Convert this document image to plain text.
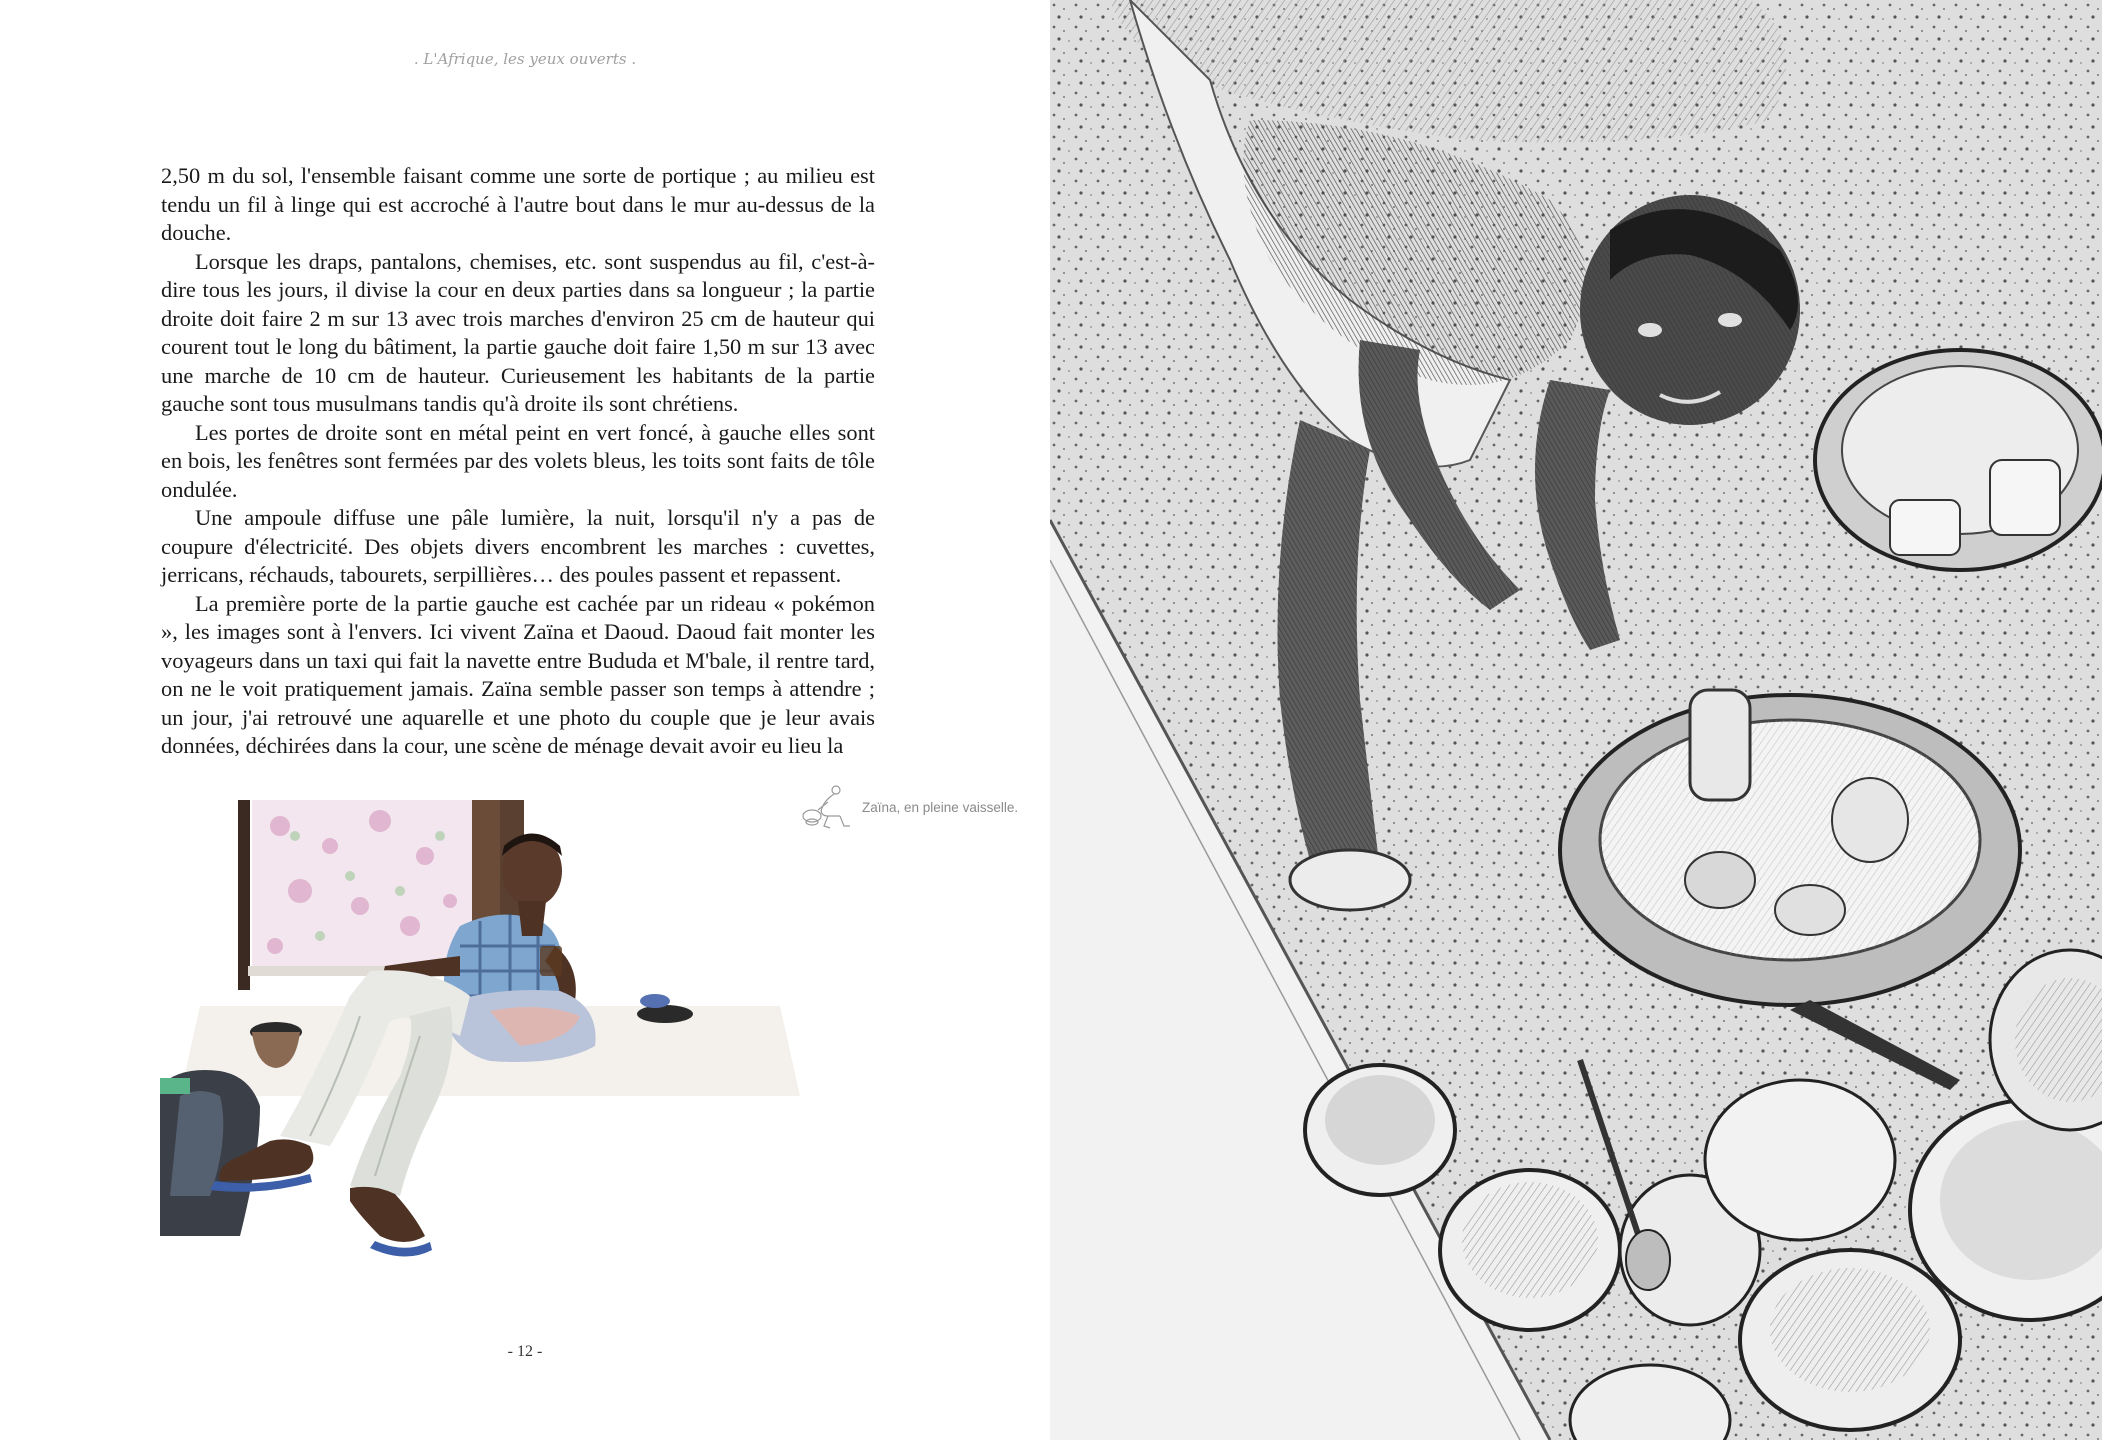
. L'Afrique, les yeux ouverts .

2,50 m du sol, l'ensemble faisant comme une sorte de portique ; au milieu est tendu un fil à linge qui est accroché à l'autre bout dans le mur au-dessus de la douche.

Lorsque les draps, pantalons, chemises, etc. sont suspendus au fil, c'est-à-dire tous les jours, il divise la cour en deux parties dans sa longueur ; la partie droite doit faire 2 m sur 13 avec trois marches d'environ 25 cm de hauteur qui courent tout le long du bâtiment, la partie gauche doit faire 1,50 m sur 13 avec une marche de 10 cm de hauteur. Curieusement les habitants de la partie gauche sont tous musulmans tandis qu'à droite ils sont chrétiens.

Les portes de droite sont en métal peint en vert foncé, à gauche elles sont en bois, les fenêtres sont fermées par des volets bleus, les toits sont faits de tôle ondulée.

Une ampoule diffuse une pâle lumière, la nuit, lorsqu'il n'y a pas de coupure d'électricité. Des objets divers encombrent les marches : cuvettes, jerricans, réchauds, tabourets, serpillières… des poules passent et repassent.

La première porte de la partie gauche est cachée par un rideau « pokémon », les images sont à l'envers. Ici vivent Zaïna et Daoud. Daoud fait monter les voyageurs dans un taxi qui fait la navette entre Bududa et M'bale, il rentre tard, on ne le voit pratiquement jamais. Zaïna semble passer son temps à attendre ; un jour, j'ai retrouvé une aquarelle et une photo du couple que je leur avais données, déchirées dans la cour, une scène de ménage devait avoir eu lieu la

Zaïna, en pleine vaisselle.
- 12 -
